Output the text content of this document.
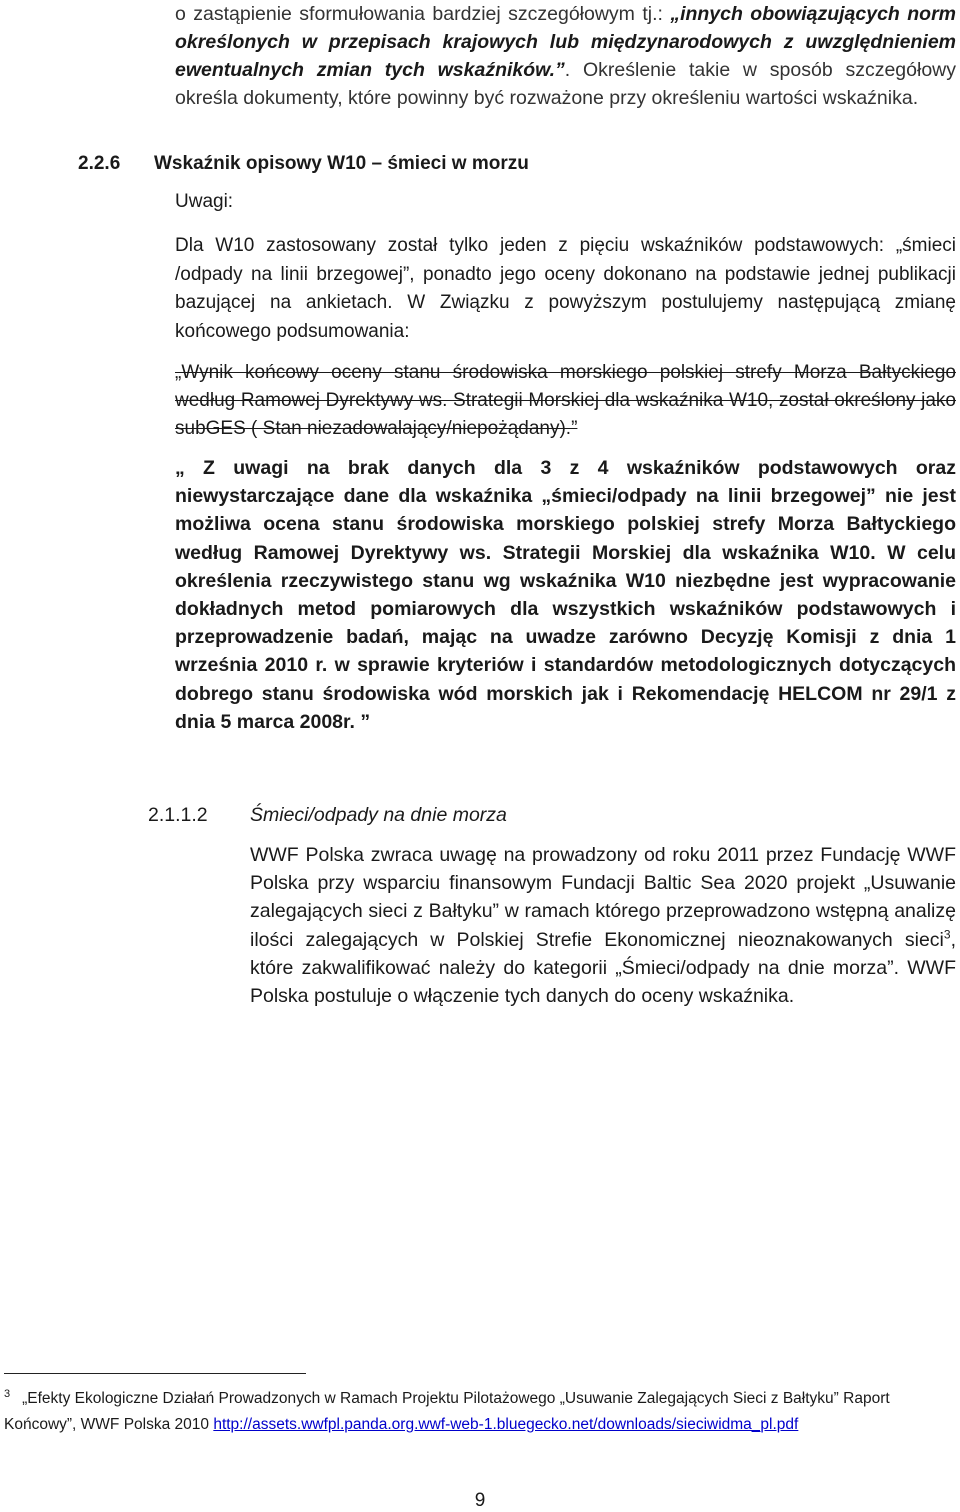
o zastąpienie sformułowania bardziej szczegółowym tj.: „innych obowiązujących norm określonych w przepisach krajowych lub międzynarodowych z uwzględnieniem ewentualnych zmian tych wskaźników.”. Określenie takie w sposób szczegółowy określa dokumenty, które powinny być rozważone przy określeniu wartości wskaźnika.
2.2.6 Wskaźnik opisowy W10 – śmieci w morzu
Uwagi:
Dla W10 zastosowany został tylko jeden z pięciu wskaźników podstawowych: „śmieci /odpady na linii brzegowej”, ponadto jego oceny dokonano na podstawie jednej publikacji bazującej na ankietach. W Związku z powyższym postulujemy następującą zmianę końcowego podsumowania:
„Wynik końcowy oceny stanu środowiska morskiego polskiej strefy Morza Bałtyckiego według Ramowej Dyrektywy ws. Strategii Morskiej dla wskaźnika W10, został określony jako subGES ( Stan niezadowalający/niepożądany).”
„ Z uwagi na brak danych dla 3 z 4 wskaźników podstawowych oraz niewystarczające dane dla wskaźnika „śmieci/odpady na linii brzegowej” nie jest możliwa ocena stanu środowiska morskiego polskiej strefy Morza Bałtyckiego według Ramowej Dyrektywy ws. Strategii Morskiej dla wskaźnika W10. W celu określenia rzeczywistego stanu wg wskaźnika W10 niezbędne jest wypracowanie dokładnych metod pomiarowych dla wszystkich wskaźników podstawowych i przeprowadzenie badań, mając na uwadze zarówno Decyzję Komisji z dnia 1 września 2010 r. w sprawie kryteriów i standardów metodologicznych dotyczących dobrego stanu środowiska wód morskich jak i Rekomendację HELCOM nr 29/1 z dnia 5 marca 2008r. ”
2.1.1.2 Śmieci/odpady na dnie morza
WWF Polska zwraca uwagę na prowadzony od roku 2011 przez Fundację WWF Polska przy wsparciu finansowym Fundacji Baltic Sea 2020 projekt „Usuwanie zalegających sieci z Bałtyku” w ramach którego przeprowadzono wstępną analizę ilości zalegających w Polskiej Strefie Ekonomicznej nieoznakowanych sieci$^3$, które zakwalifikować należy do kategorii „Śmieci/odpady na dnie morza”. WWF Polska postuluje o włączenie tych danych do oceny wskaźnika.
$^3$ „Efekty Ekologiczne Działań Prowadzonych w Ramach Projektu Pilotażowego „Usuwanie Zalegających Sieci z Bałtyku” Raport Końcowy”, WWF Polska 2010 http://assets.wwfpl.panda.org.wwf-web-1.bluegecko.net/downloads/sieciwidma_pl.pdf
9
